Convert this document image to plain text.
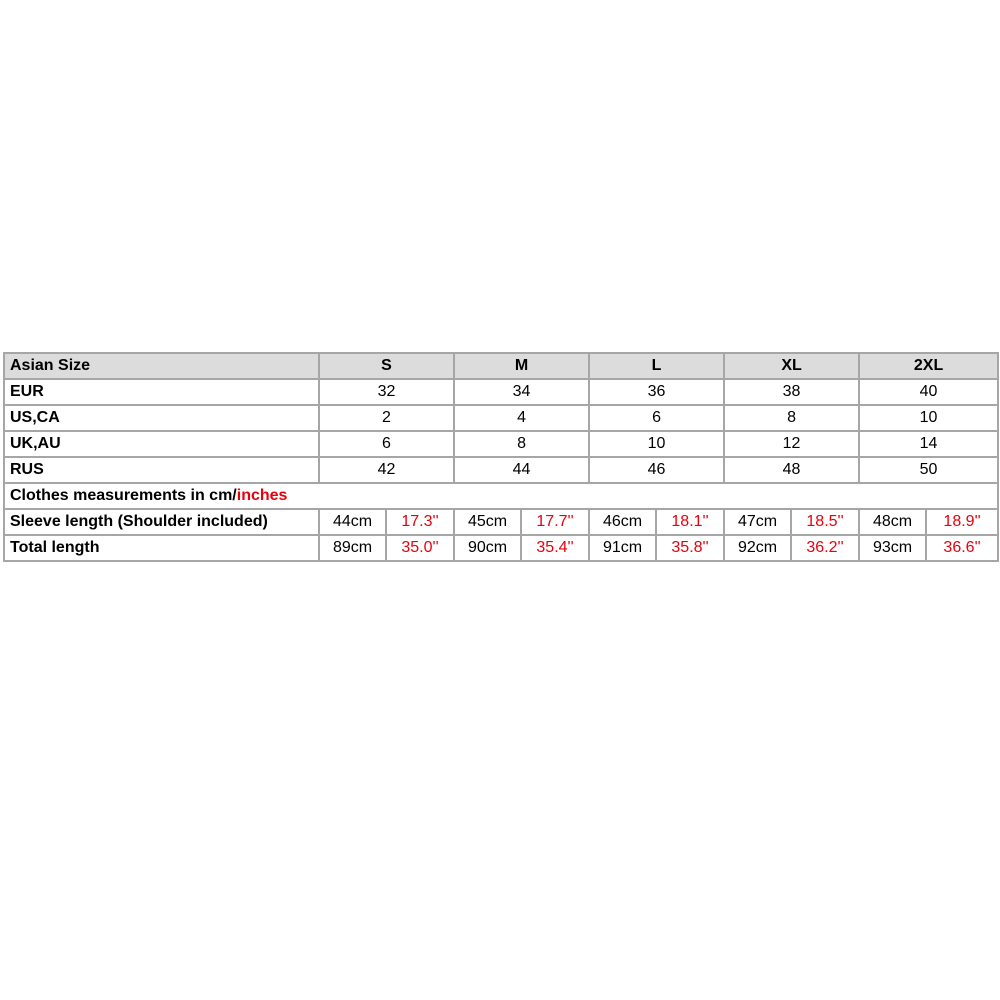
Asian Size	S		M		L		XL		2XL	
EUR	32		34		36		38		40	
US,CA	2		4		6		8		10	
UK,AU	6		8		10		12		14	
RUS	42		44		46		48		50	
Clothes measurements in cm/inches										
Sleeve length (Shoulder included)	44cm	17.3''	45cm	17.7''	46cm	18.1''	47cm	18.5''	48cm	18.9''
Total length	89cm	35.0''	90cm	35.4''	91cm	35.8''	92cm	36.2''	93cm	36.6''
